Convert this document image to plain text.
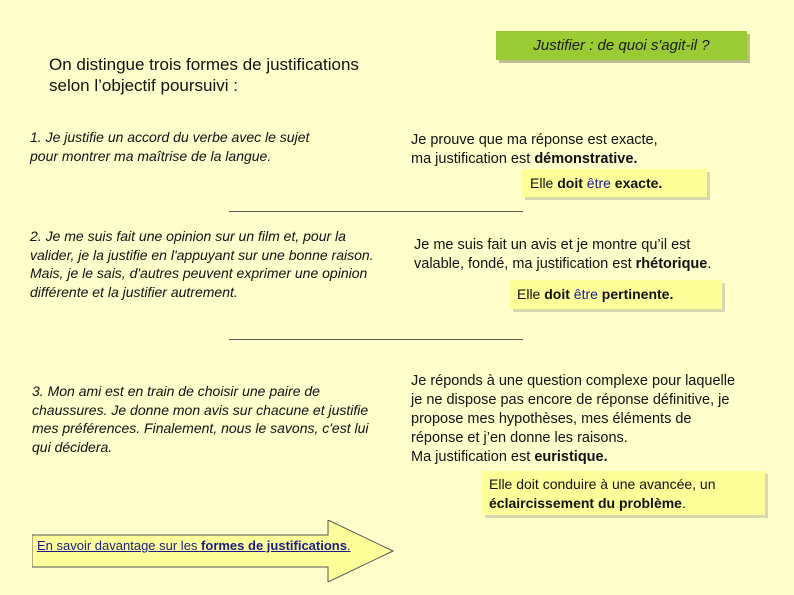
Justifier : de quoi s'agit-il ?
On distingue trois formes de justifications
selon l’objectif poursuivi :
1. Je justifie un accord du verbe avec le sujet
pour montrer ma maîtrise de la langue.
Je prouve que ma réponse est exacte,
ma justification est démonstrative.
Elle doit être exacte.
2. Je me suis fait une opinion sur un film et, pour la
valider, je la justifie en l'appuyant sur une bonne raison.
Mais, je le sais, d'autres peuvent exprimer une opinion
différente et la justifier autrement.
Je me suis fait un avis et je montre qu’il est
valable, fondé, ma justification est rhétorique.
Elle doit être pertinente.
3. Mon ami est en train de choisir une paire de
chaussures. Je donne mon avis sur chacune et justifie
mes préférences. Finalement, nous le savons, c'est lui
qui décidera.
Je réponds à une question complexe pour laquelle
je ne dispose pas encore de réponse définitive, je
propose mes hypothèses, mes éléments de
réponse et j’en donne les raisons.
Ma justification est euristique.
Elle doit conduire à une avancée, un
éclaircissement du problème.
En savoir davantage sur les formes de justifications.
